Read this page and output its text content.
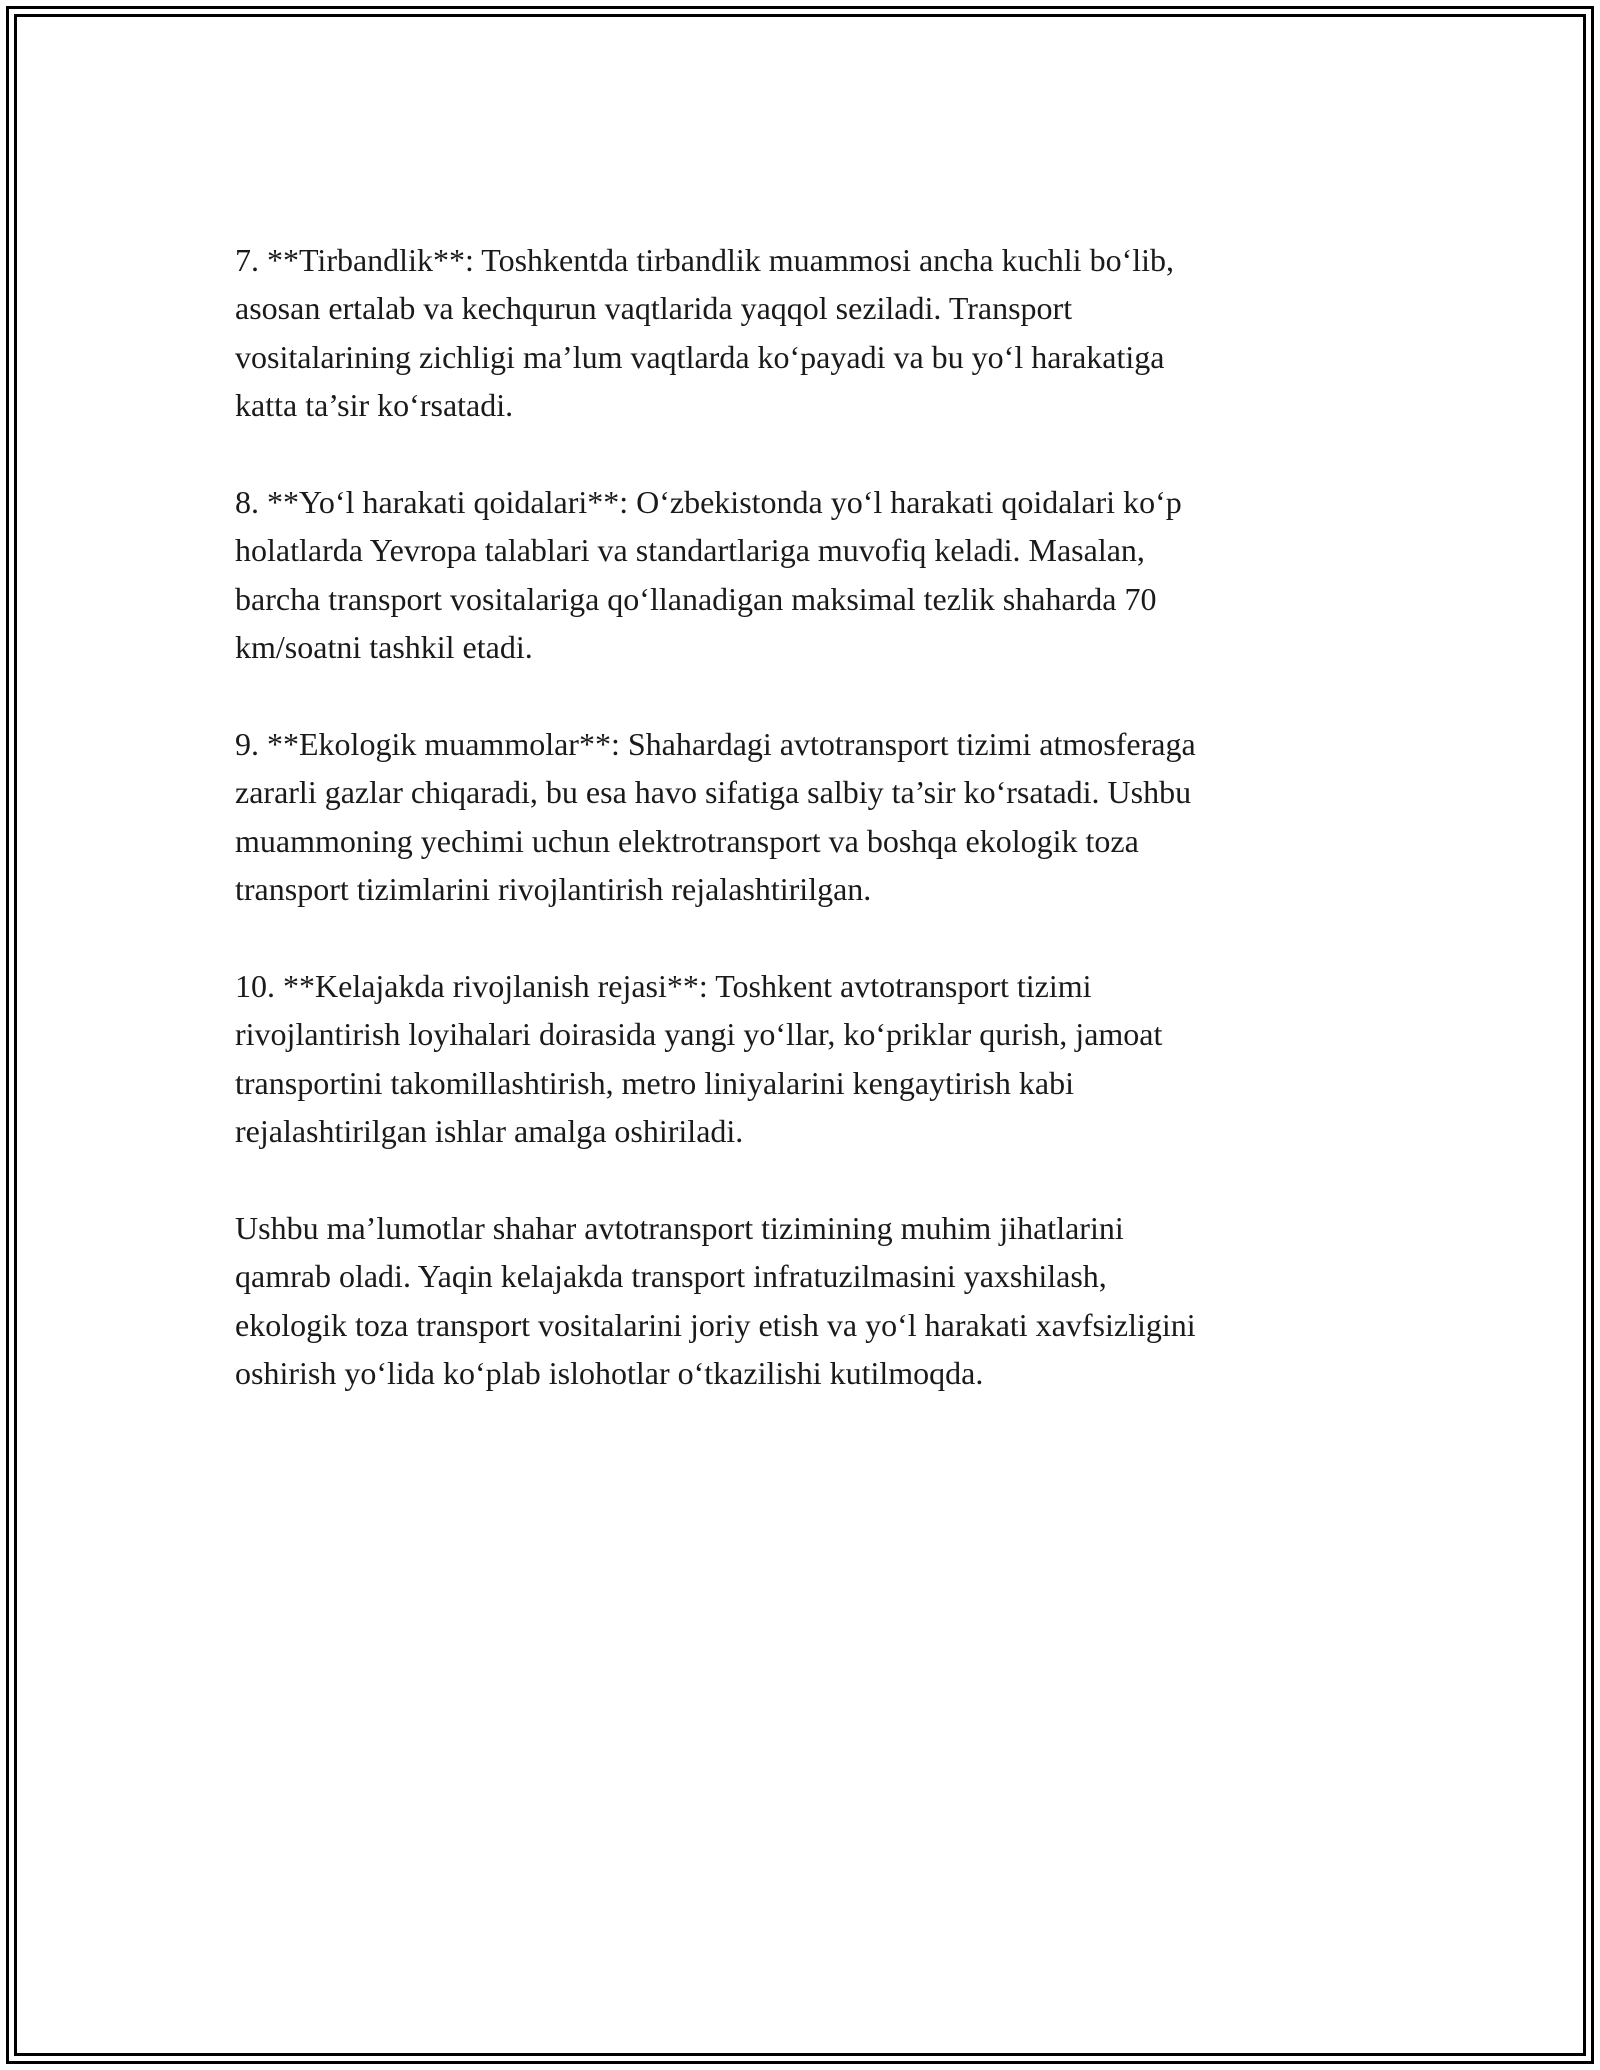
7. **Tirbandlik**: Toshkentda tirbandlik muammosi ancha kuchli bo‘lib,
asosan ertalab va kechqurun vaqtlarida yaqqol seziladi. Transport
vositalarining zichligi ma’lum vaqtlarda ko‘payadi va bu yo‘l harakatiga
katta ta’sir ko‘rsatadi.

8. **Yo‘l harakati qoidalari**: O‘zbekistonda yo‘l harakati qoidalari ko‘p
holatlarda Yevropa talablari va standartlariga muvofiq keladi. Masalan,
barcha transport vositalariga qo‘llanadigan maksimal tezlik shaharda 70
km/soatni tashkil etadi.

9. **Ekologik muammolar**: Shahardagi avtotransport tizimi atmosferaga
zararli gazlar chiqaradi, bu esa havo sifatiga salbiy ta’sir ko‘rsatadi. Ushbu
muammoning yechimi uchun elektrotransport va boshqa ekologik toza
transport tizimlarini rivojlantirish rejalashtirilgan.

10. **Kelajakda rivojlanish rejasi**: Toshkent avtotransport tizimi
rivojlantirish loyihalari doirasida yangi yo‘llar, ko‘priklar qurish, jamoat
transportini takomillashtirish, metro liniyalarini kengaytirish kabi
rejalashtirilgan ishlar amalga oshiriladi.

Ushbu ma’lumotlar shahar avtotransport tizimining muhim jihatlarini
qamrab oladi. Yaqin kelajakda transport infratuzilmasini yaxshilash,
ekologik toza transport vositalarini joriy etish va yo‘l harakati xavfsizligini
oshirish yo‘lida ko‘plab islohotlar o‘tkazilishi kutilmoqda.
